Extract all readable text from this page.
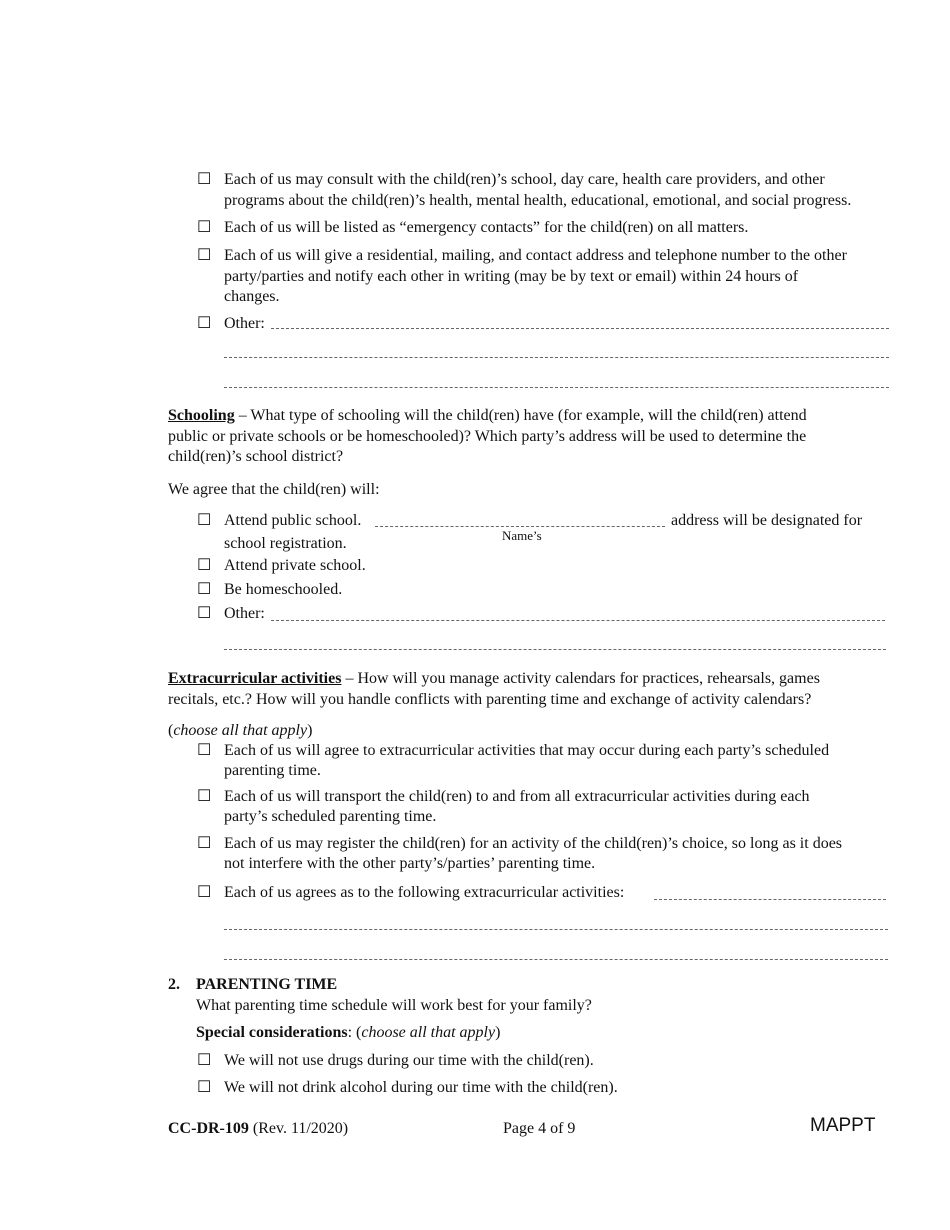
☐ Each of us may consult with the child(ren)’s school, day care, health care providers, and other
programs about the child(ren)’s health, mental health, educational, emotional, and social progress.
☐ Each of us will be listed as “emergency contacts” for the child(ren) on all matters.
☐ Each of us will give a residential, mailing, and contact address and telephone number to the other
party/parties and notify each other in writing (may be by text or email) within 24 hours of
changes.
☐ Other:
Schooling – What type of schooling will the child(ren) have (for example, will the child(ren) attend
public or private schools or be homeschooled)? Which party’s address will be used to determine the
child(ren)’s school district?
We agree that the child(ren) will:
☐ Attend public school.	address will be designated for
Name’s
school registration.
☐ Attend private school.
☐ Be homeschooled.
☐ Other:
Extracurricular activities – How will you manage activity calendars for practices, rehearsals, games
recitals, etc.? How will you handle conflicts with parenting time and exchange of activity calendars?
(choose all that apply)
☐ Each of us will agree to extracurricular activities that may occur during each party’s scheduled
parenting time.
☐ Each of us will transport the child(ren) to and from all extracurricular activities during each
party’s scheduled parenting time.
☐ Each of us may register the child(ren) for an activity of the child(ren)’s choice, so long as it does
not interfere with the other party’s/parties’ parenting time.
☐ Each of us agrees as to the following extracurricular activities:
2. PARENTING TIME
What parenting time schedule will work best for your family?
Special considerations: (choose all that apply)
☐ We will not use drugs during our time with the child(ren).
☐ We will not drink alcohol during our time with the child(ren).
CC-DR-109 (Rev. 11/2020)	Page 4 of 9	MAPPT
